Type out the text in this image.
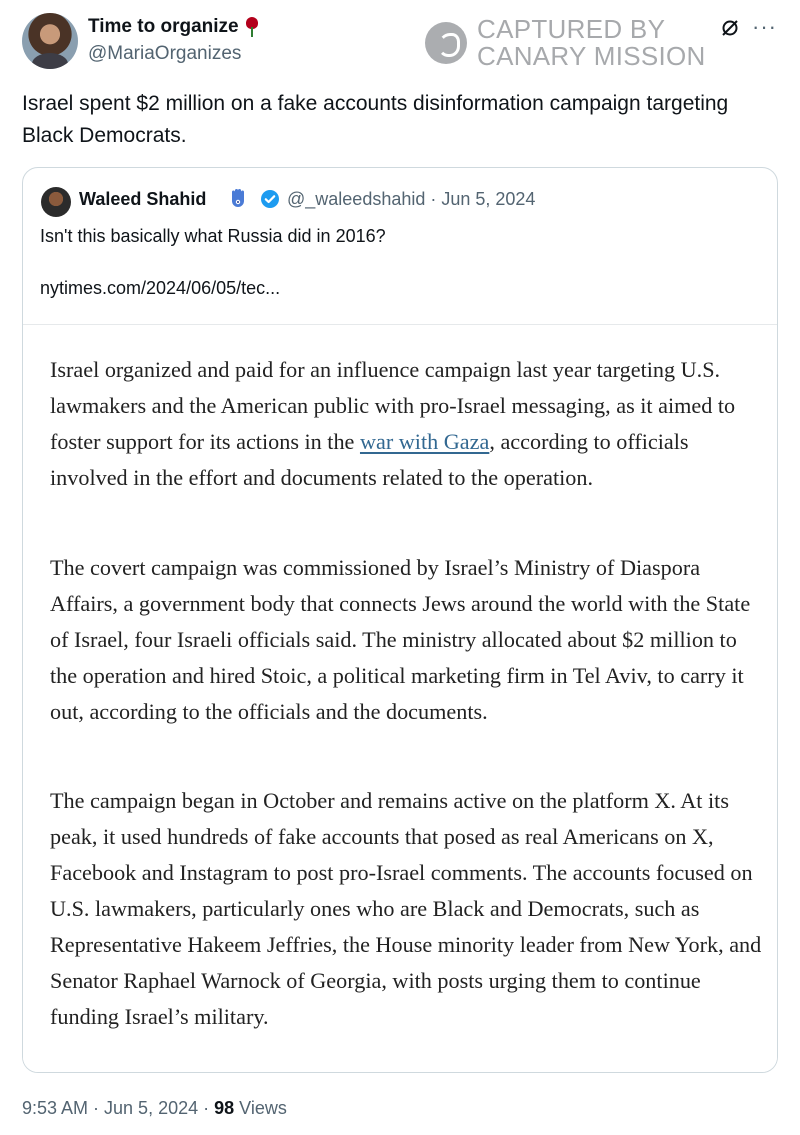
Time to organize
@MariaOrganizes
CAPTURED BY
CANARY MISSION
···
Israel spent $2 million on a fake accounts disinformation campaign targeting Black Democrats.
Waleed Shahid	@_waleedshahid · Jun 5, 2024
Isn't this basically what Russia did in 2016?
nytimes.com/2024/06/05/tec...

Israel organized and paid for an influence campaign last year targeting U.S. lawmakers and the American public with pro-Israel messaging, as it aimed to foster support for its actions in the war with Gaza, according to officials involved in the effort and documents related to the operation.

The covert campaign was commissioned by Israel’s Ministry of Diaspora Affairs, a government body that connects Jews around the world with the State of Israel, four Israeli officials said. The ministry allocated about $2 million to the operation and hired Stoic, a political marketing firm in Tel Aviv, to carry it out, according to the officials and the documents.

The campaign began in October and remains active on the platform X. At its peak, it used hundreds of fake accounts that posed as real Americans on X, Facebook and Instagram to post pro-Israel comments. The accounts focused on U.S. lawmakers, particularly ones who are Black and Democrats, such as Representative Hakeem Jeffries, the House minority leader from New York, and Senator Raphael Warnock of Georgia, with posts urging them to continue funding Israel’s military.

9:53 AM · Jun 5, 2024 · 98 Views
